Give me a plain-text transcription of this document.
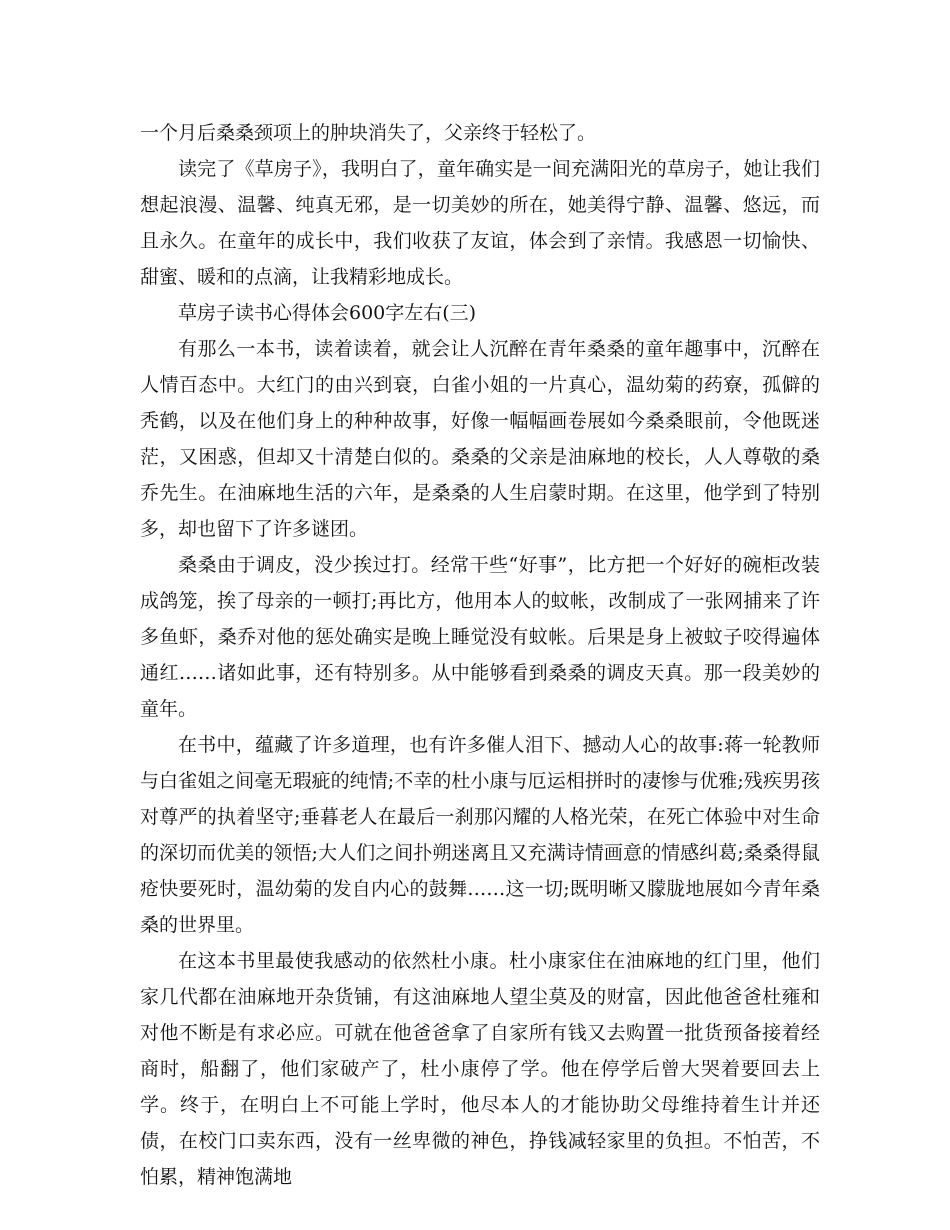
一个月后桑桑颈项上的肿块消失了，父亲终于轻松了。

读完了《草房子》，我明白了，童年确实是一间充满阳光的草房子，她让我们想起浪漫、温馨、纯真无邪，是一切美妙的所在，她美得宁静、温馨、悠远，而且永久。在童年的成长中，我们收获了友谊，体会到了亲情。我感恩一切愉快、甜蜜、暖和的点滴，让我精彩地成长。

草房子读书心得体会600字左右(三)

有那么一本书，读着读着，就会让人沉醉在青年桑桑的童年趣事中，沉醉在人情百态中。大红门的由兴到衰，白雀小姐的一片真心，温幼菊的药寮，孤僻的秃鹤，以及在他们身上的种种故事，好像一幅幅画卷展如今桑桑眼前，令他既迷茫，又困惑，但却又十清楚白似的。桑桑的父亲是油麻地的校长，人人尊敬的桑乔先生。在油麻地生活的六年，是桑桑的人生启蒙时期。在这里，他学到了特别多，却也留下了许多谜团。

桑桑由于调皮，没少挨过打。经常干些“好事”，比方把一个好好的碗柜改装成鸽笼，挨了母亲的一顿打;再比方，他用本人的蚊帐，改制成了一张网捕来了许多鱼虾，桑乔对他的惩处确实是晚上睡觉没有蚊帐。后果是身上被蚊子咬得遍体通红……诸如此事，还有特别多。从中能够看到桑桑的调皮天真。那一段美妙的童年。

在书中，蕴藏了许多道理，也有许多催人泪下、撼动人心的故事:蒋一轮教师与白雀姐之间毫无瑕疵的纯情;不幸的杜小康与厄运相拼时的凄惨与优雅;残疾男孩对尊严的执着坚守;垂暮老人在最后一刹那闪耀的人格光荣，在死亡体验中对生命的深切而优美的领悟;大人们之间扑朔迷离且又充满诗情画意的情感纠葛;桑桑得鼠疮快要死时，温幼菊的发自内心的鼓舞……这一切;既明晰又朦胧地展如今青年桑桑的世界里。

在这本书里最使我感动的依然杜小康。杜小康家住在油麻地的红门里，他们家几代都在油麻地开杂货铺，有这油麻地人望尘莫及的财富，因此他爸爸杜雍和对他不断是有求必应。可就在他爸爸拿了自家所有钱又去购置一批货预备接着经商时，船翻了，他们家破产了，杜小康停了学。他在停学后曾大哭着要回去上学。终于，在明白上不可能上学时，他尽本人的才能协助父母维持着生计并还债，在校门口卖东西，没有一丝卑微的神色，挣钱减轻家里的负担。不怕苦，不怕累，精神饱满地
